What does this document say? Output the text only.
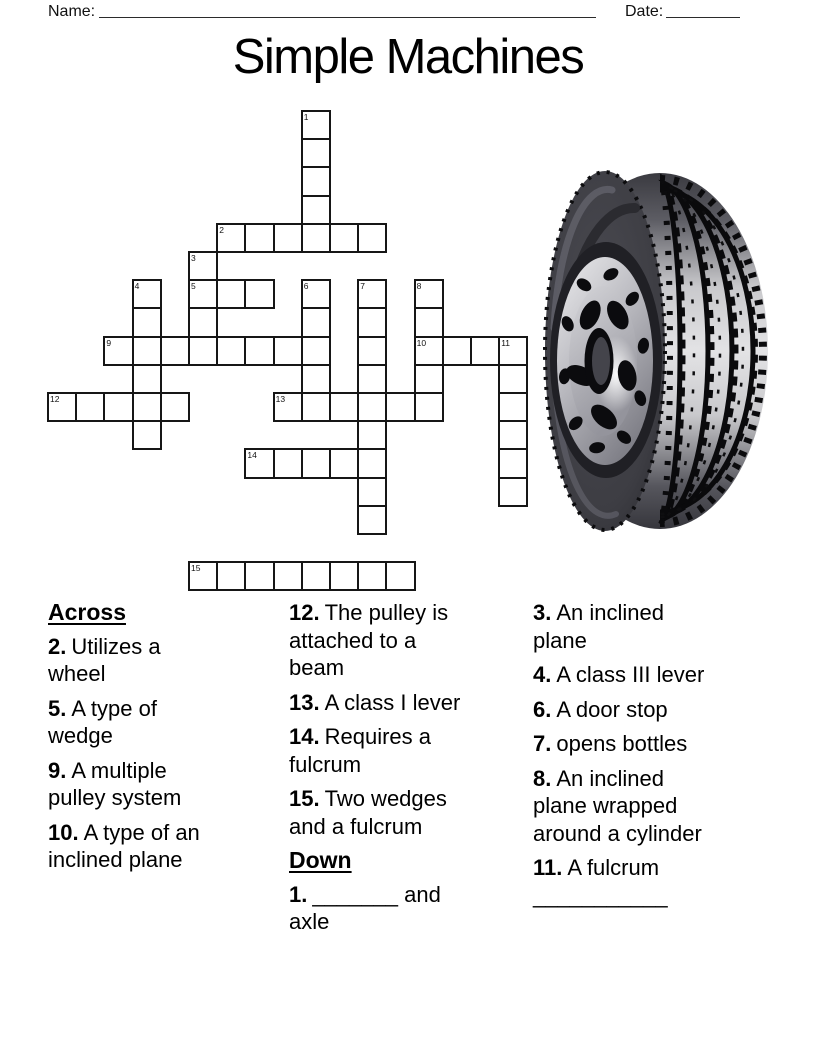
Name:	Date:
Simple Machines
1
2
3
5
4	6	7	8
10
9	11
12	13
14
15
Across
2. Utilizes a wheel
5. A type of wedge
9. A multiple pulley system
10. A type of an inclined plane
12. The pulley is attached to a beam
13. A class I lever
14. Requires a fulcrum
15. Two wedges and a fulcrum
Down
1. _______ and axle
3. An inclined plane
4. A class III lever
6. A door stop
7. opens bottles
8. An inclined plane wrapped around a cylinder
11. A fulcrum ___________
